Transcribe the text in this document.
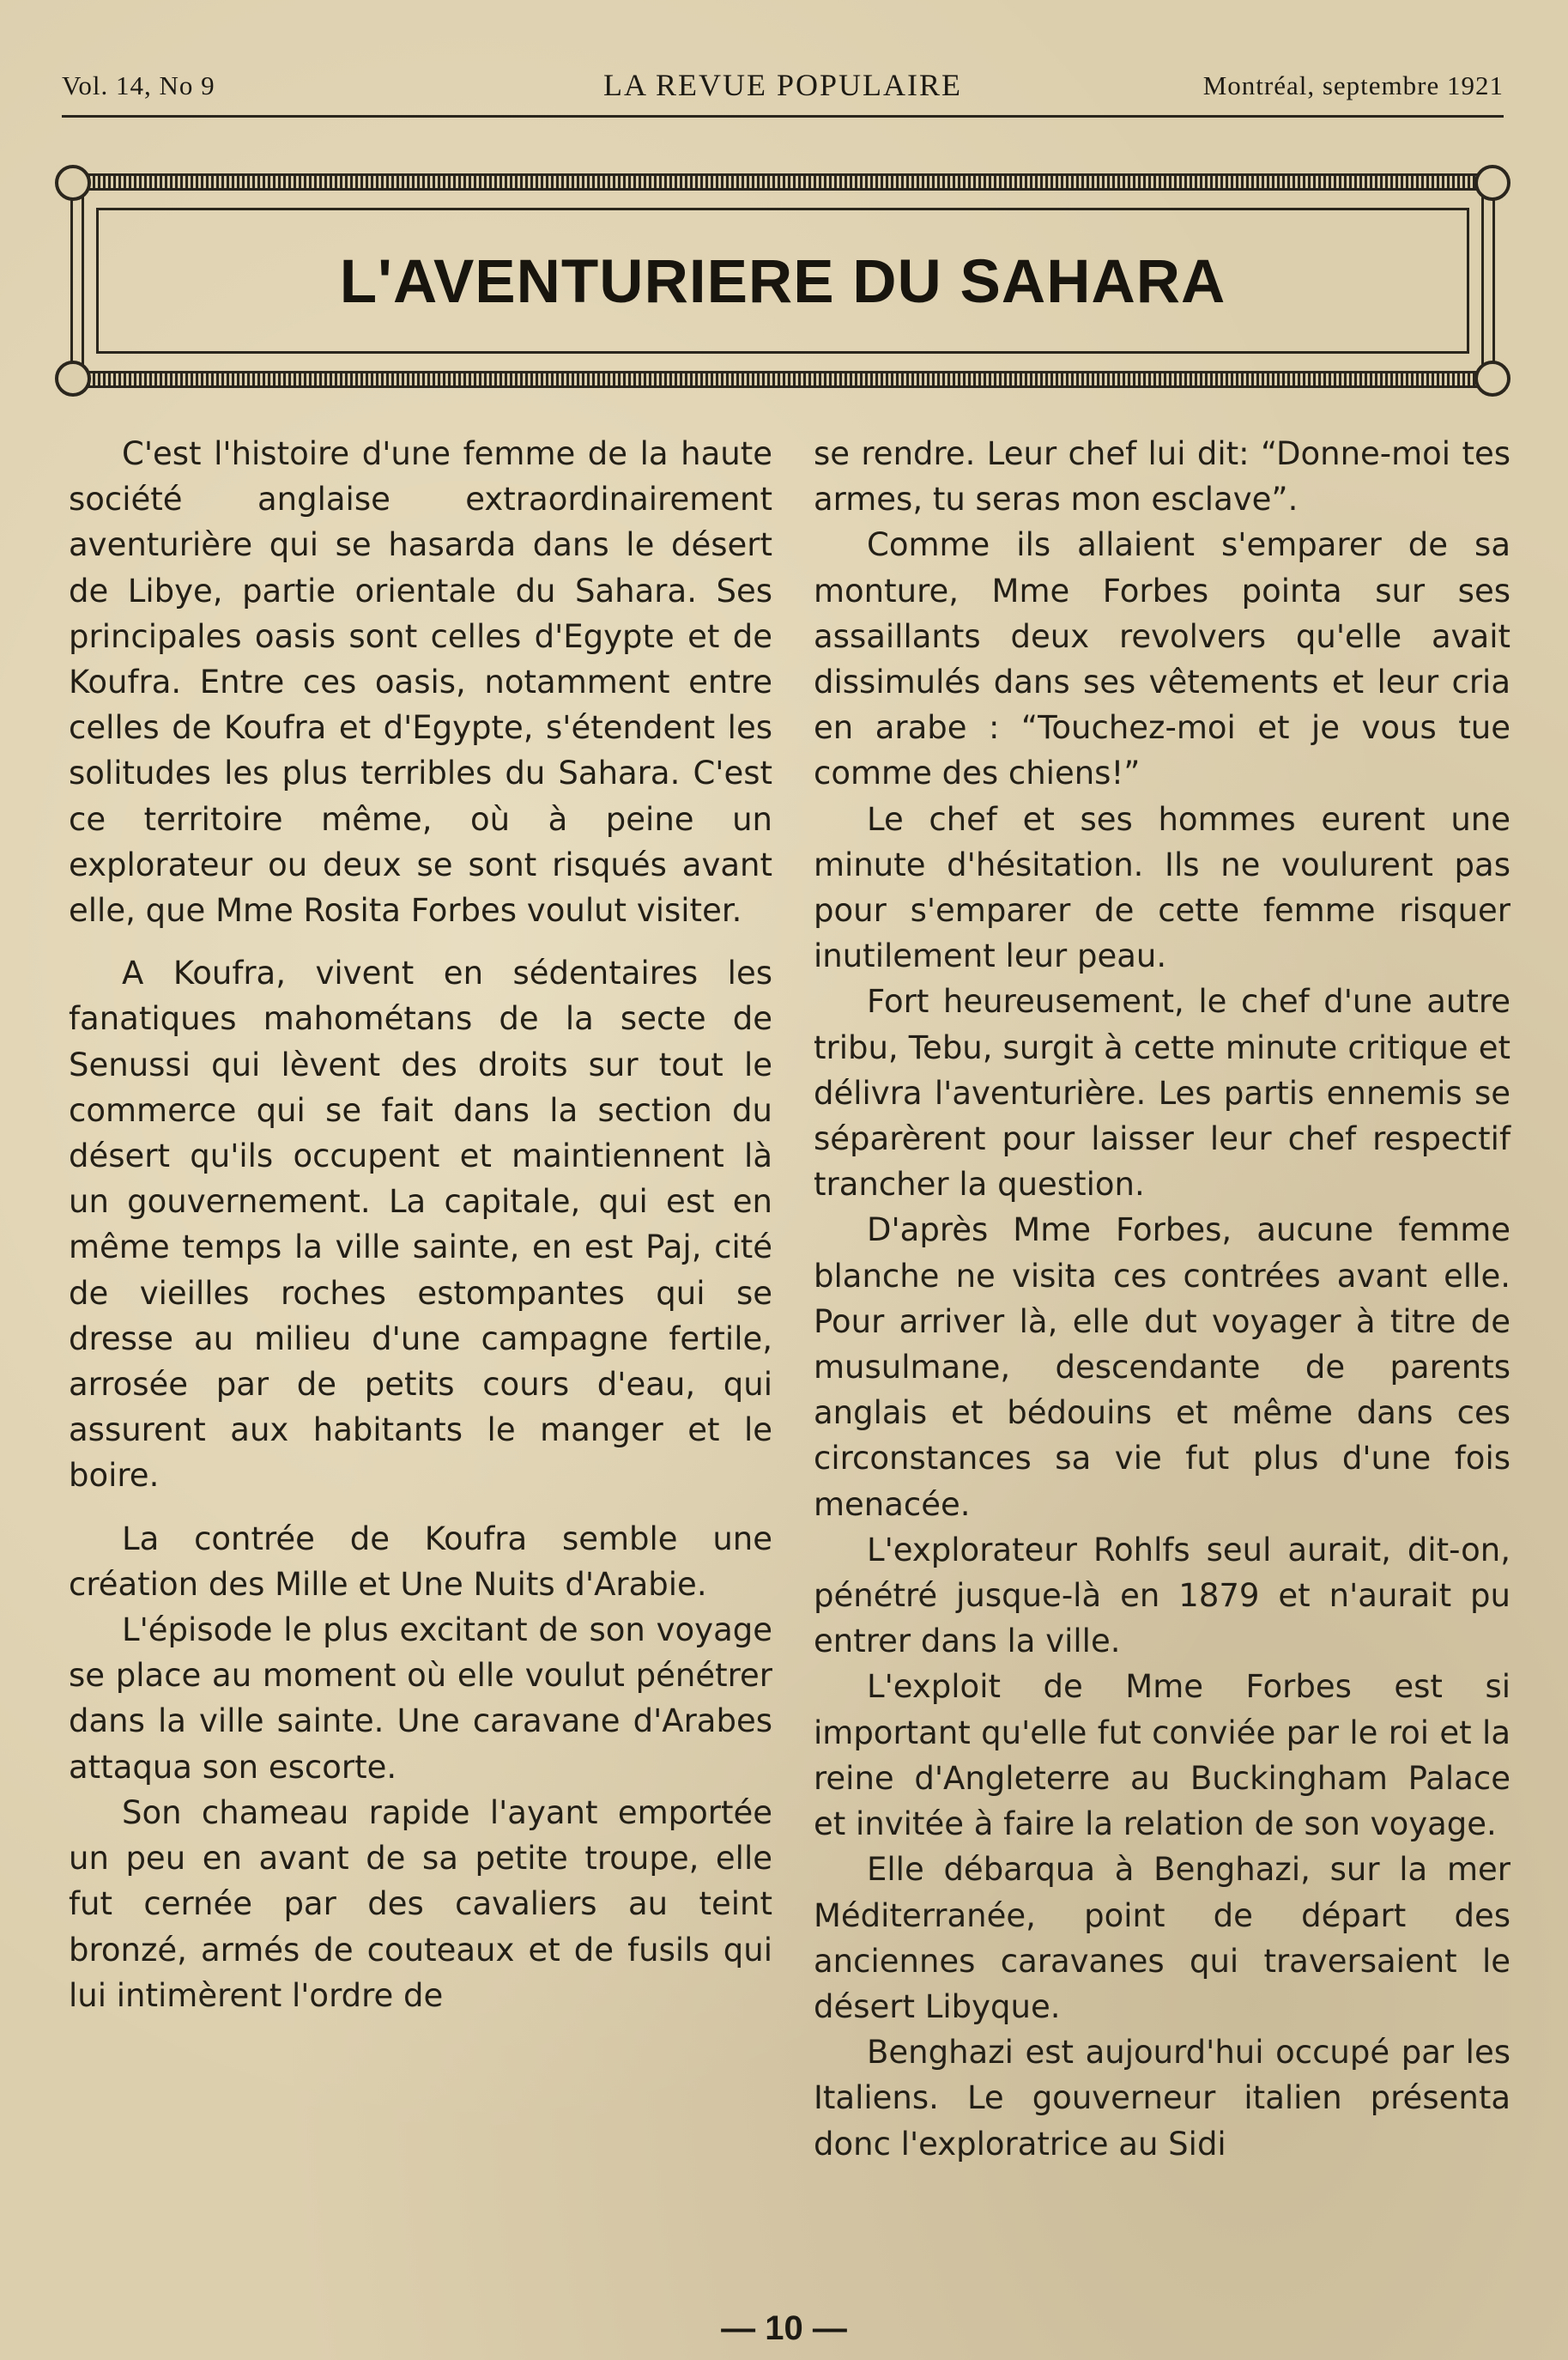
Vol. 14, No 9	LA REVUE POPULAIRE	Montréal, septembre 1921
L'AVENTURIERE DU SAHARA

C'est l'histoire d'une femme de la haute société anglaise extraordinairement aventurière qui se hasarda dans le désert de Libye, partie orientale du Sahara. Ses principales oasis sont celles d'Egypte et de Koufra. Entre ces oasis, notamment entre celles de Koufra et d'Egypte, s'étendent les solitudes les plus terribles du Sahara. C'est ce territoire même, où à peine un explorateur ou deux se sont risqués avant elle, que Mme Rosita Forbes voulut visiter.

A Koufra, vivent en sédentaires les fanatiques mahométans de la secte de Senussi qui lèvent des droits sur tout le commerce qui se fait dans la section du désert qu'ils occupent et maintiennent là un gouvernement. La capitale, qui est en même temps la ville sainte, en est Paj, cité de vieilles roches estompantes qui se dresse au milieu d'une campagne fertile, arrosée par de petits cours d'eau, qui assurent aux habitants le manger et le boire.

La contrée de Koufra semble une création des Mille et Une Nuits d'Arabie.

L'épisode le plus excitant de son voyage se place au moment où elle voulut pénétrer dans la ville sainte. Une caravane d'Arabes attaqua son escorte.

Son chameau rapide l'ayant emportée un peu en avant de sa petite troupe, elle fut cernée par des cavaliers au teint bronzé, armés de couteaux et de fusils qui lui intimèrent l'ordre de

se rendre. Leur chef lui dit: “Donne-moi tes armes, tu seras mon esclave”.

Comme ils allaient s'emparer de sa monture, Mme Forbes pointa sur ses assaillants deux revolvers qu'elle avait dissimulés dans ses vêtements et leur cria en arabe : “Touchez-moi et je vous tue comme des chiens!”

Le chef et ses hommes eurent une minute d'hésitation. Ils ne voulurent pas pour s'emparer de cette femme risquer inutilement leur peau.

Fort heureusement, le chef d'une autre tribu, Tebu, surgit à cette minute critique et délivra l'aventurière. Les partis ennemis se séparèrent pour laisser leur chef respectif trancher la question.

D'après Mme Forbes, aucune femme blanche ne visita ces contrées avant elle. Pour arriver là, elle dut voyager à titre de musulmane, descendante de parents anglais et bédouins et même dans ces circonstances sa vie fut plus d'une fois menacée.

L'explorateur Rohlfs seul aurait, dit-on, pénétré jusque-là en 1879 et n'aurait pu entrer dans la ville.

L'exploit de Mme Forbes est si important qu'elle fut conviée par le roi et la reine d'Angleterre au Buckingham Palace et invitée à faire la relation de son voyage.

Elle débarqua à Benghazi, sur la mer Méditerranée, point de départ des anciennes caravanes qui traversaient le désert Libyque.

Benghazi est aujourd'hui occupé par les Italiens. Le gouverneur italien présenta donc l'exploratrice au Sidi

— 10 —
